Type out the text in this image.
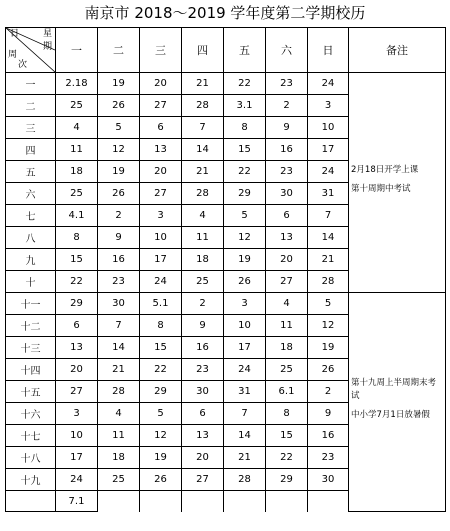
南京市 2018～2019 学年度第二学期校历
日 星
期
周
次	一	二	三	四	五	六	日	备注	
一	2.18	19	20	21	22	23	24	2月18日开学上课
第十周期中考试	

二	25	26	27	28	3.1	2	3		
三	4	5	6	7	8	9	10		
四	11	12	13	14	15	16	17		
五	18	19	20	21	22	23	24		
六	25	26	27	28	29	30	31		
七	4.1	2	3	4	5	6	7		
八	8	9	10	11	12	13	14		
九	15	16	17	18	19	20	21		
十	22	23	24	25	26	27	28		
十一	29	30	5.1	2	3	4	5	第十九周上半周期末考试
中小学7月1日放暑假	

十二	6	7	8	9	10	11	12		
十三	13	14	15	16	17	18	19		
十四	20	21	22	23	24	25	26		
十五	27	28	29	30	31	6.1	2		
十六	3	4	5	6	7	8	9		
十七	10	11	12	13	14	15	16		
十八	17	18	19	20	21	22	23		
十九	24	25	26	27	28	29	30		
	7.1								
